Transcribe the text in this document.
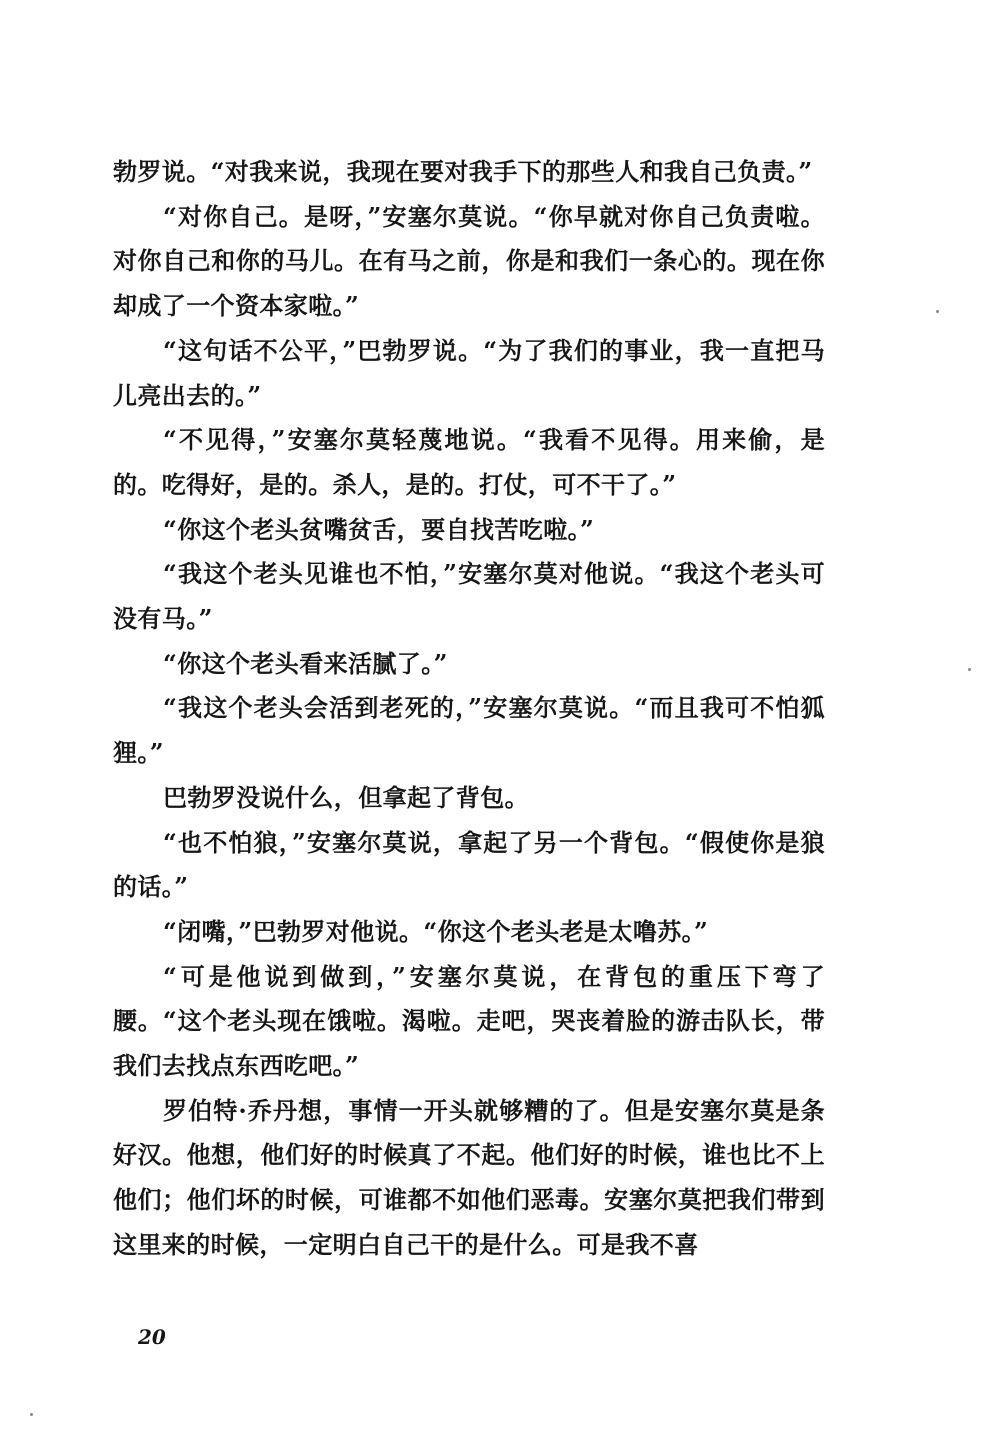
勃罗说。“对我来说，我现在要对我手下的那些人和我自己负责。”

“对你自己。是呀，”安塞尔莫说。“你早就对你自己负责啦。对你自己和你的马儿。在有马之前，你是和我们一条心的。现在你却成了一个资本家啦。”

“这句话不公平，”巴勃罗说。“为了我们的事业，我一直把马儿亮出去的。”

“不见得，”安塞尔莫轻蔑地说。“我看不见得。用来偷，是的。吃得好，是的。杀人，是的。打仗，可不干了。”

“你这个老头贫嘴贫舌，要自找苦吃啦。”

“我这个老头见谁也不怕，”安塞尔莫对他说。“我这个老头可没有马。”

“你这个老头看来活腻了。”

“我这个老头会活到老死的，”安塞尔莫说。“而且我可不怕狐狸。”

巴勃罗没说什么，但拿起了背包。

“也不怕狼，”安塞尔莫说，拿起了另一个背包。“假使你是狼的话。”

“闭嘴，”巴勃罗对他说。“你这个老头老是太噜苏。”

“可是他说到做到，”安塞尔莫说，在背包的重压下弯了腰。“这个老头现在饿啦。渴啦。走吧，哭丧着脸的游击队长，带我们去找点东西吃吧。”

罗伯特·乔丹想，事情一开头就够糟的了。但是安塞尔莫是条好汉。他想，他们好的时候真了不起。他们好的时候，谁也比不上他们；他们坏的时候，可谁都不如他们恶毒。安塞尔莫把我们带到这里来的时候，一定明白自己干的是什么。可是我不喜

20
